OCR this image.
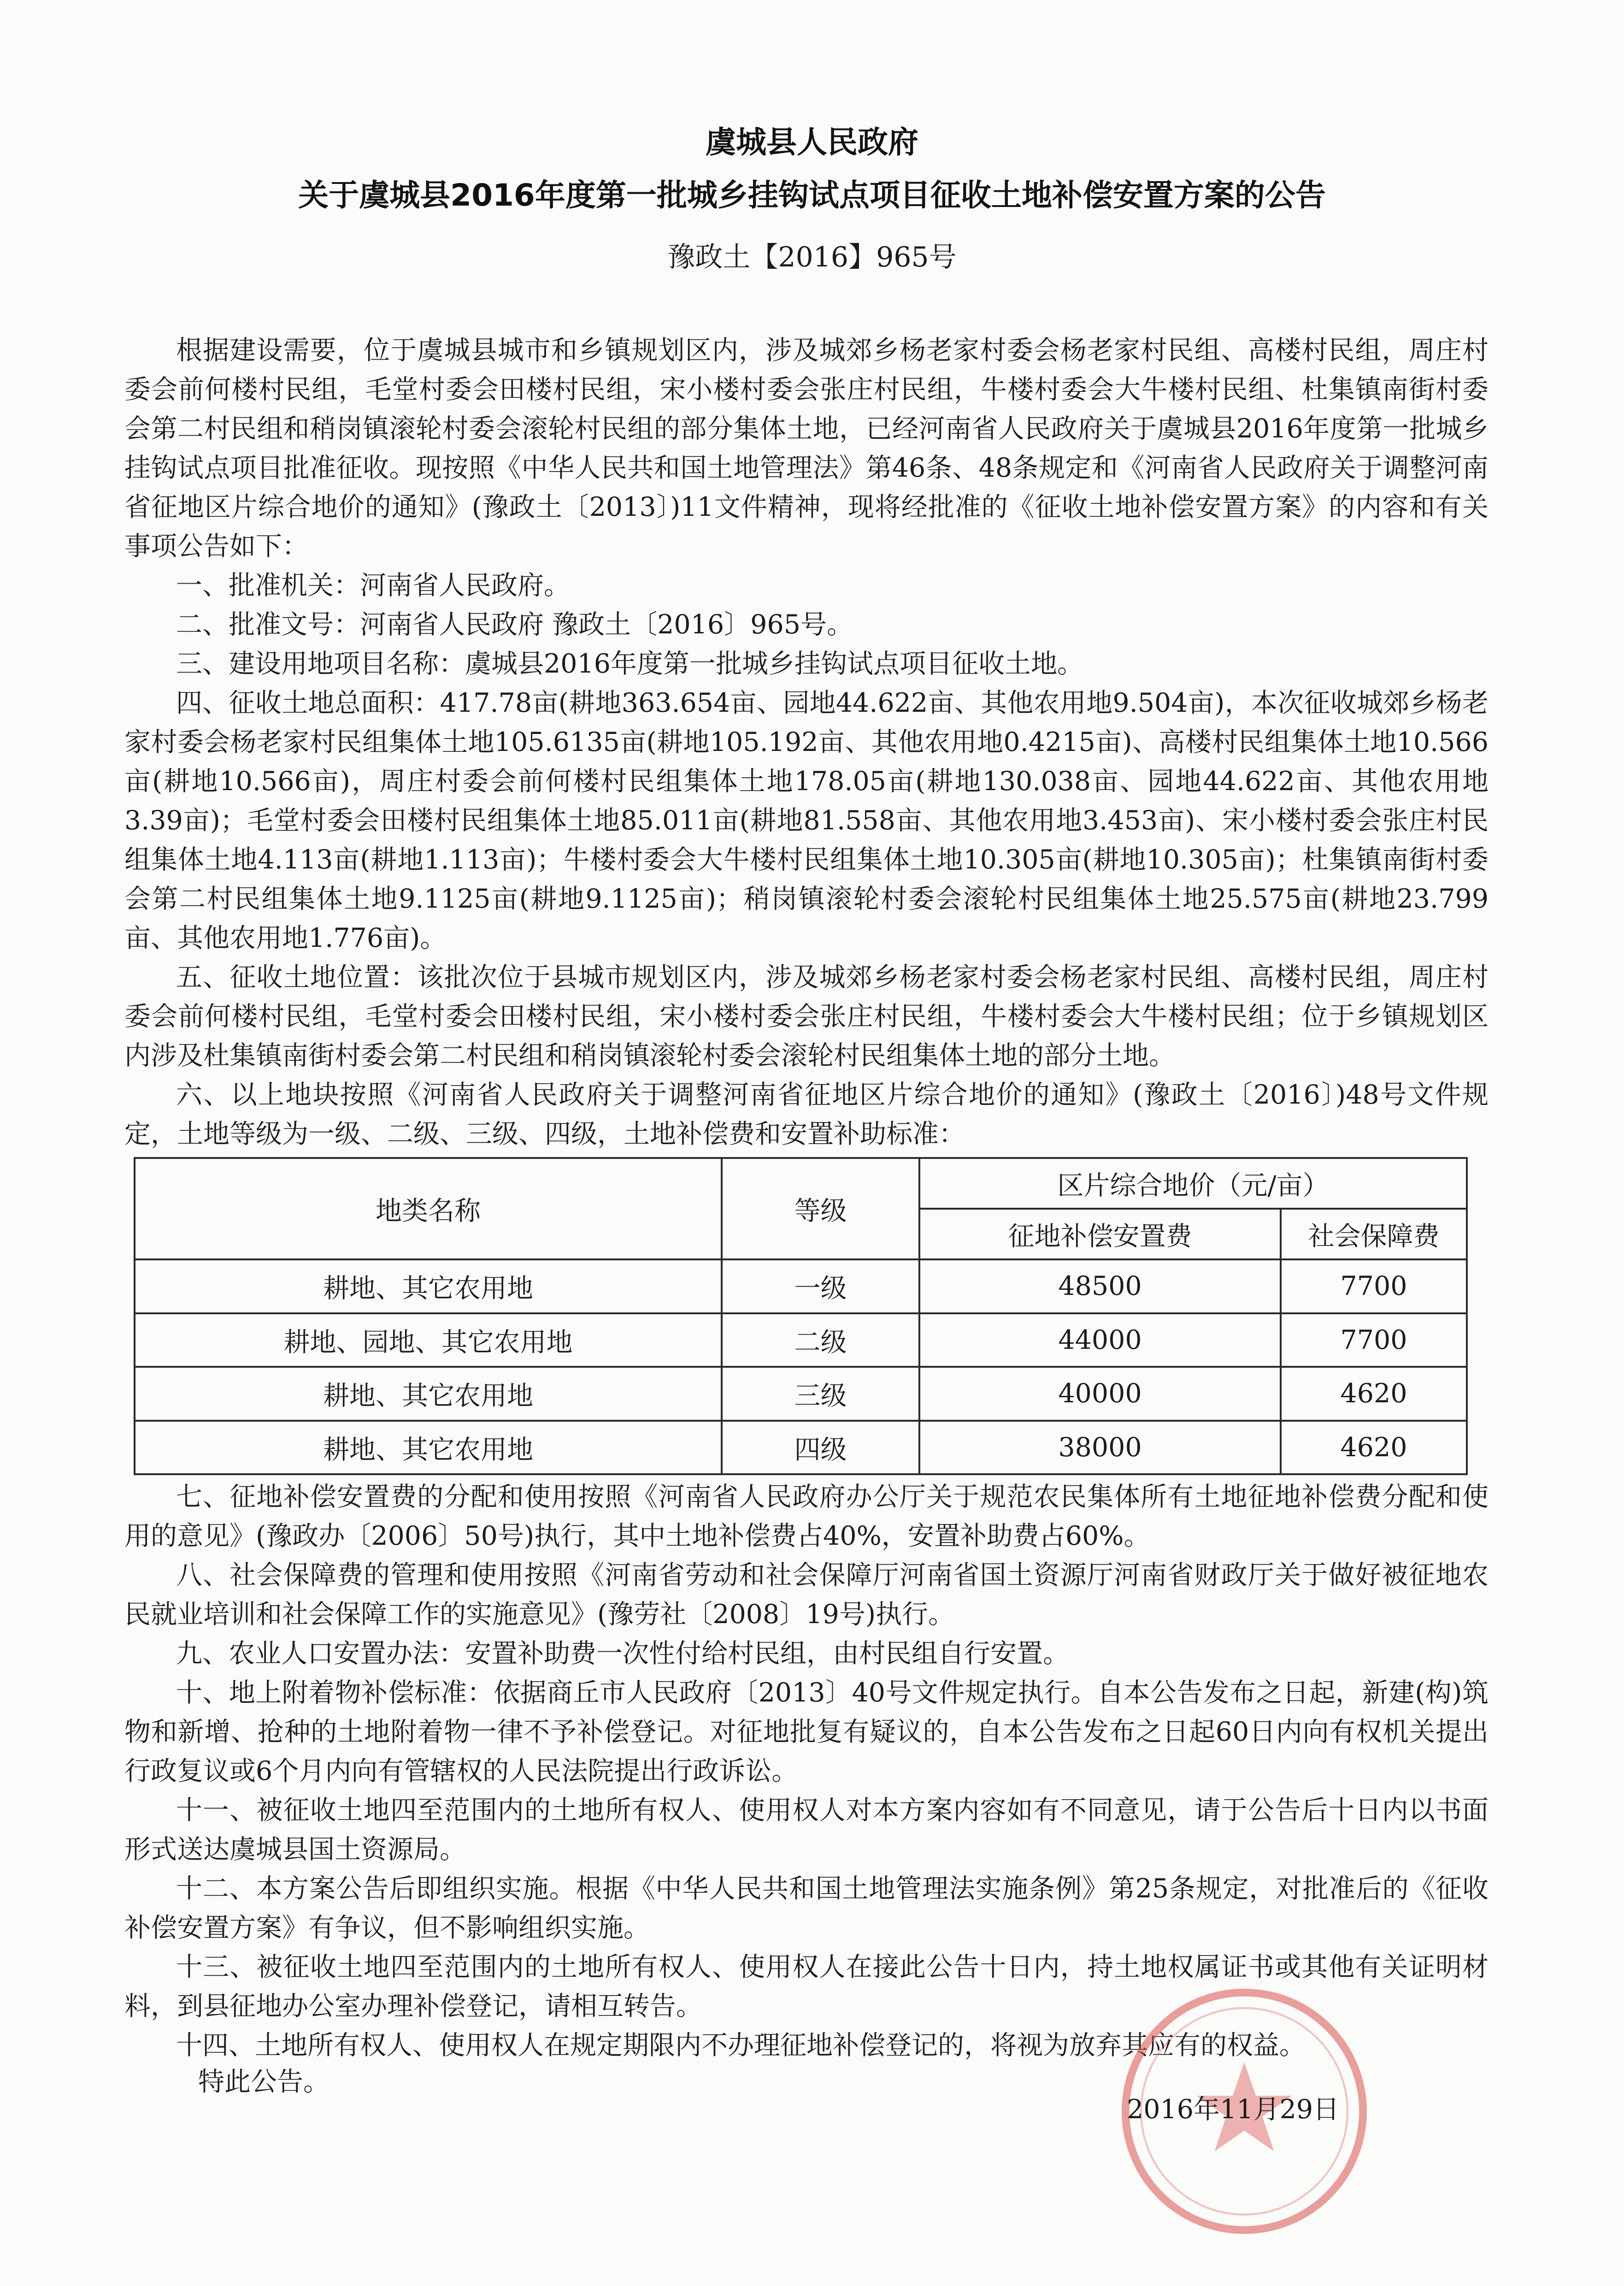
虞城县人民政府
关于虞城县2016年度第一批城乡挂钩试点项目征收土地补偿安置方案的公告
豫政土【2016】965号

根据建设需要，位于虞城县城市和乡镇规划区内，涉及城郊乡杨老家村委会杨老家村民组、高楼村民组，周庄村委会前何楼村民组，毛堂村委会田楼村民组，宋小楼村委会张庄村民组，牛楼村委会大牛楼村民组、杜集镇南街村委会第二村民组和稍岗镇滚轮村委会滚轮村民组的部分集体土地，已经河南省人民政府关于虞城县2016年度第一批城乡挂钩试点项目批准征收。现按照《中华人民共和国土地管理法》第46条、48条规定和《河南省人民政府关于调整河南省征地区片综合地价的通知》(豫政土〔2013〕)11文件精神，现将经批准的《征收土地补偿安置方案》的内容和有关事项公告如下：

一、批准机关：河南省人民政府。

二、批准文号：河南省人民政府 豫政土〔2016〕965号。

三、建设用地项目名称：虞城县2016年度第一批城乡挂钩试点项目征收土地。

四、征收土地总面积：417.78亩(耕地363.654亩、园地44.622亩、其他农用地9.504亩)，本次征收城郊乡杨老家村委会杨老家村民组集体土地105.6135亩(耕地105.192亩、其他农用地0.4215亩)、高楼村民组集体土地10.566亩(耕地10.566亩)，周庄村委会前何楼村民组集体土地178.05亩(耕地130.038亩、园地44.622亩、其他农用地3.39亩)；毛堂村委会田楼村民组集体土地85.011亩(耕地81.558亩、其他农用地3.453亩)、宋小楼村委会张庄村民组集体土地4.113亩(耕地1.113亩)；牛楼村委会大牛楼村民组集体土地10.305亩(耕地10.305亩)；杜集镇南街村委会第二村民组集体土地9.1125亩(耕地9.1125亩)；稍岗镇滚轮村委会滚轮村民组集体土地25.575亩(耕地23.799亩、其他农用地1.776亩)。

五、征收土地位置：该批次位于县城市规划区内，涉及城郊乡杨老家村委会杨老家村民组、高楼村民组，周庄村委会前何楼村民组，毛堂村委会田楼村民组，宋小楼村委会张庄村民组，牛楼村委会大牛楼村民组；位于乡镇规划区内涉及杜集镇南街村委会第二村民组和稍岗镇滚轮村委会滚轮村民组集体土地的部分土地。

六、以上地块按照《河南省人民政府关于调整河南省征地区片综合地价的通知》(豫政土〔2016〕)48号文件规定，土地等级为一级、二级、三级、四级，土地补偿费和安置补助标准：

地类名称	等级	区片综合地价（元/亩）	
		征地补偿安置费	社会保障费
耕地、其它农用地	一级	48500	7700
耕地、园地、其它农用地	二级	44000	7700
耕地、其它农用地	三级	40000	4620
耕地、其它农用地	四级	38000	4620

七、征地补偿安置费的分配和使用按照《河南省人民政府办公厅关于规范农民集体所有土地征地补偿费分配和使用的意见》(豫政办〔2006〕50号)执行，其中土地补偿费占40%，安置补助费占60%。

八、社会保障费的管理和使用按照《河南省劳动和社会保障厅河南省国土资源厅河南省财政厅关于做好被征地农民就业培训和社会保障工作的实施意见》(豫劳社〔2008〕19号)执行。

九、农业人口安置办法：安置补助费一次性付给村民组，由村民组自行安置。

十、地上附着物补偿标准：依据商丘市人民政府〔2013〕40号文件规定执行。自本公告发布之日起，新建(构)筑物和新增、抢种的土地附着物一律不予补偿登记。对征地批复有疑议的，自本公告发布之日起60日内向有权机关提出行政复议或6个月内向有管辖权的人民法院提出行政诉讼。

十一、被征收土地四至范围内的土地所有权人、使用权人对本方案内容如有不同意见，请于公告后十日内以书面形式送达虞城县国土资源局。

十二、本方案公告后即组织实施。根据《中华人民共和国土地管理法实施条例》第25条规定，对批准后的《征收补偿安置方案》有争议，但不影响组织实施。

十三、被征收土地四至范围内的土地所有权人、使用权人在接此公告十日内，持土地权属证书或其他有关证明材料，到县征地办公室办理补偿登记，请相互转告。

十四、土地所有权人、使用权人在规定期限内不办理征地补偿登记的，将视为放弃其应有的权益。

特此公告。
2016年11月29日
